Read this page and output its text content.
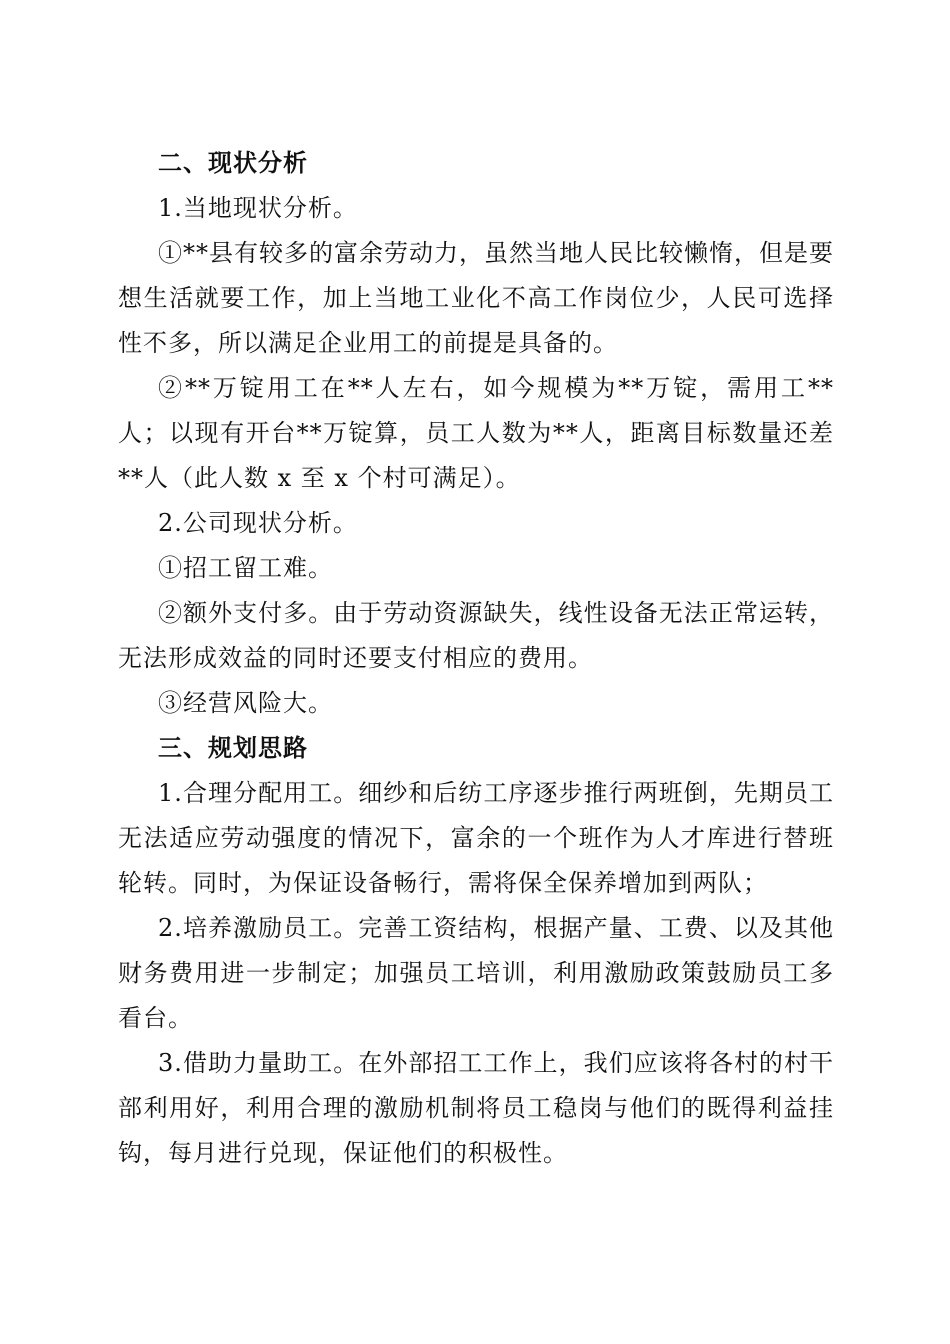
二、现状分析

1.当地现状分析。

①**县有较多的富余劳动力，虽然当地人民比较懒惰，但是要想生活就要工作，加上当地工业化不高工作岗位少，人民可选择性不多，所以满足企业用工的前提是具备的。

②**万锭用工在**人左右，如今规模为**万锭，需用工**人；以现有开台**万锭算，员工人数为**人，距离目标数量还差**人（此人数 x 至 x 个村可满足）。

2.公司现状分析。

①招工留工难。

②额外支付多。由于劳动资源缺失，线性设备无法正常运转，无法形成效益的同时还要支付相应的费用。

③经营风险大。

三、规划思路

1.合理分配用工。细纱和后纺工序逐步推行两班倒，先期员工无法适应劳动强度的情况下，富余的一个班作为人才库进行替班轮转。同时，为保证设备畅行，需将保全保养增加到两队；

2.培养激励员工。完善工资结构，根据产量、工费、以及其他财务费用进一步制定；加强员工培训，利用激励政策鼓励员工多看台。

3.借助力量助工。在外部招工工作上，我们应该将各村的村干部利用好，利用合理的激励机制将员工稳岗与他们的既得利益挂钩，每月进行兑现，保证他们的积极性。
